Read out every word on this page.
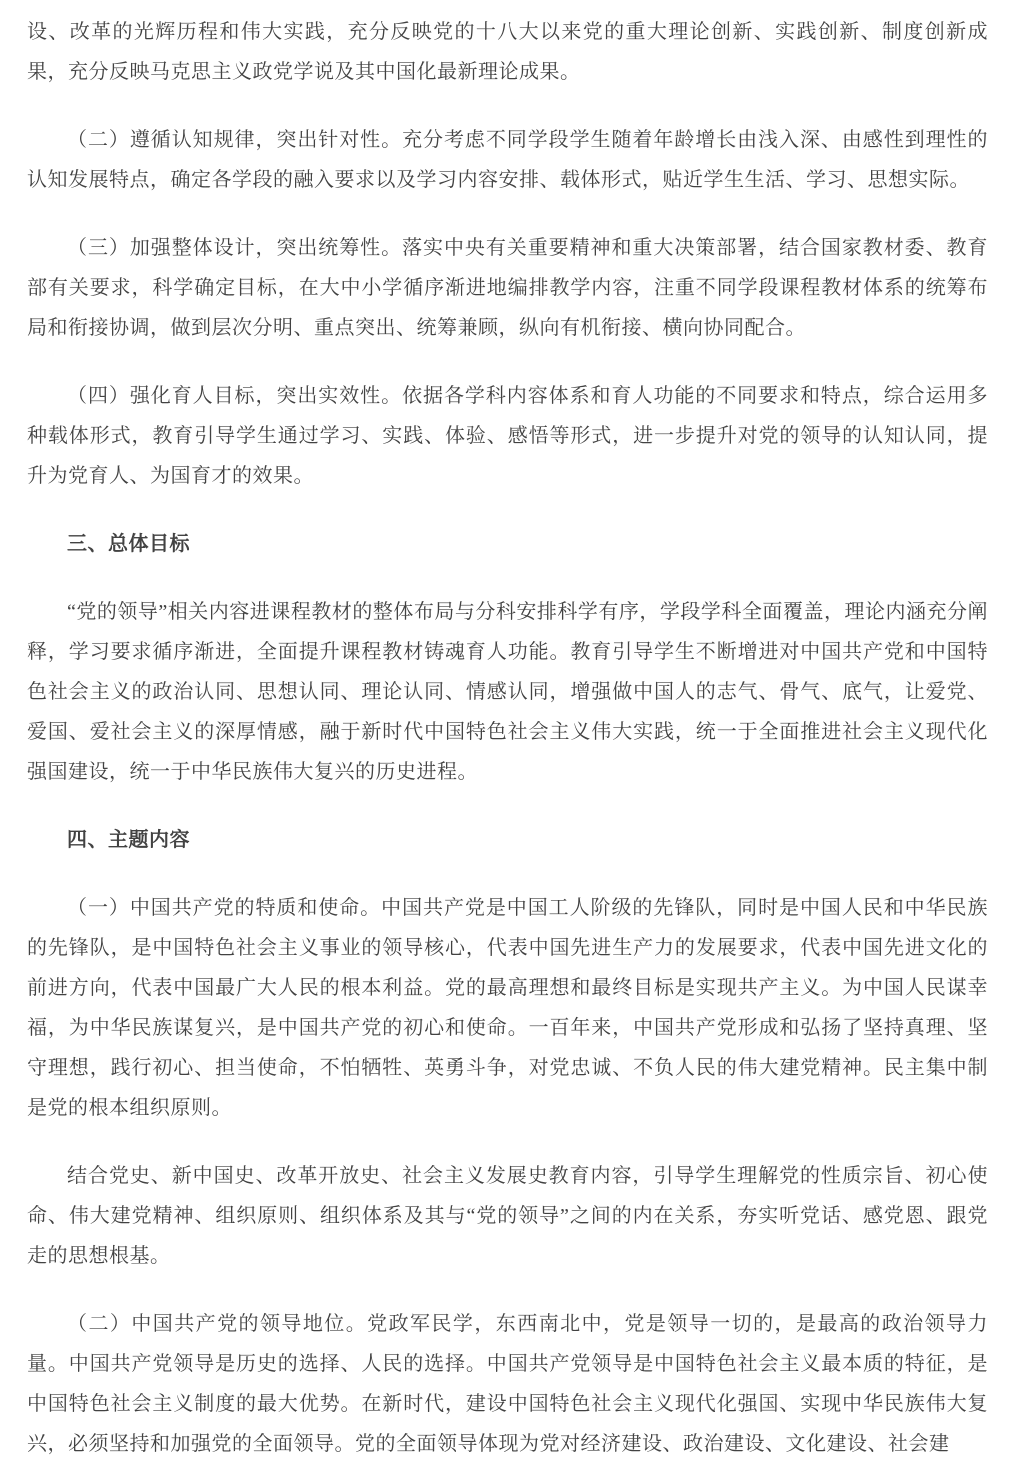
设、改革的光辉历程和伟大实践，充分反映党的十八大以来党的重大理论创新、实践创新、制度创新成果，充分反映马克思主义政党学说及其中国化最新理论成果。

（二）遵循认知规律，突出针对性。充分考虑不同学段学生随着年龄增长由浅入深、由感性到理性的认知发展特点，确定各学段的融入要求以及学习内容安排、载体形式，贴近学生生活、学习、思想实际。

（三）加强整体设计，突出统筹性。落实中央有关重要精神和重大决策部署，结合国家教材委、教育部有关要求，科学确定目标，在大中小学循序渐进地编排教学内容，注重不同学段课程教材体系的统筹布局和衔接协调，做到层次分明、重点突出、统筹兼顾，纵向有机衔接、横向协同配合。

（四）强化育人目标，突出实效性。依据各学科内容体系和育人功能的不同要求和特点，综合运用多种载体形式，教育引导学生通过学习、实践、体验、感悟等形式，进一步提升对党的领导的认知认同，提升为党育人、为国育才的效果。

三、总体目标

“党的领导”相关内容进课程教材的整体布局与分科安排科学有序，学段学科全面覆盖，理论内涵充分阐释，学习要求循序渐进，全面提升课程教材铸魂育人功能。教育引导学生不断增进对中国共产党和中国特色社会主义的政治认同、思想认同、理论认同、情感认同，增强做中国人的志气、骨气、底气，让爱党、爱国、爱社会主义的深厚情感，融于新时代中国特色社会主义伟大实践，统一于全面推进社会主义现代化强国建设，统一于中华民族伟大复兴的历史进程。

四、主题内容

（一）中国共产党的特质和使命。中国共产党是中国工人阶级的先锋队，同时是中国人民和中华民族的先锋队，是中国特色社会主义事业的领导核心，代表中国先进生产力的发展要求，代表中国先进文化的前进方向，代表中国最广大人民的根本利益。党的最高理想和最终目标是实现共产主义。为中国人民谋幸福，为中华民族谋复兴，是中国共产党的初心和使命。一百年来，中国共产党形成和弘扬了坚持真理、坚守理想，践行初心、担当使命，不怕牺牲、英勇斗争，对党忠诚、不负人民的伟大建党精神。民主集中制是党的根本组织原则。

结合党史、新中国史、改革开放史、社会主义发展史教育内容，引导学生理解党的性质宗旨、初心使命、伟大建党精神、组织原则、组织体系及其与“党的领导”之间的内在关系，夯实听党话、感党恩、跟党走的思想根基。

（二）中国共产党的领导地位。党政军民学，东西南北中，党是领导一切的，是最高的政治领导力量。中国共产党领导是历史的选择、人民的选择。中国共产党领导是中国特色社会主义最本质的特征，是中国特色社会主义制度的最大优势。在新时代，建设中国特色社会主义现代化强国、实现中华民族伟大复兴，必须坚持和加强党的全面领导。党的全面领导体现为党对经济建设、政治建设、文化建设、社会建
